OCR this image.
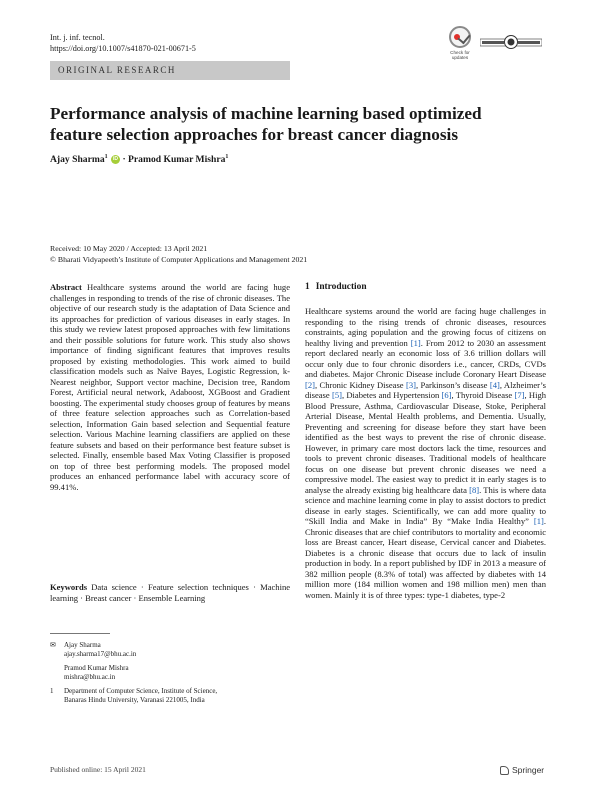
Int. j. inf. tecnol.
https://doi.org/10.1007/s41870-021-00671-5	Check for updates
ORIGINAL RESEARCH
Performance analysis of machine learning based optimized
feature selection approaches for breast cancer diagnosis
Ajay Sharma$^1$ iD · Pramod Kumar Mishra$^1$
Received: 10 May 2020 / Accepted: 13 April 2021
© Bharati Vidyapeeth’s Institute of Computer Applications and Management 2021
Abstract Healthcare systems around the world are facing huge challenges in responding to trends of the rise of chronic diseases. The objective of our research study is the adaptation of Data Science and its approaches for prediction of various diseases in early stages. In this study we review latest proposed approaches with few limitations and their possible solutions for future work. This study also shows importance of finding significant features that improves results proposed by existing methodologies. This work aimed to build classification models such as Naïve Bayes, Logistic Regression, k-Nearest neighbor, Support vector machine, Decision tree, Random Forest, Artificial neural network, Adaboost, XGBoost and Gradient boosting. The experimental study chooses group of features by means of three feature selection approaches such as Correlation-based selection, Information Gain based selection and Sequential feature selection. Various Machine learning classifiers are applied on these feature subsets and based on their performance best feature subset is selected. Finally, ensemble based Max Voting Classifier is proposed on top of three best performing models. The proposed model produces an enhanced performance label with accuracy score of 99.41%.
Keywords Data science · Feature selection techniques · Machine learning · Breast cancer · Ensemble Learning
✉ Ajay Sharma
ajay.sharma17@bhu.ac.in
Pramod Kumar Mishra
mishra@bhu.ac.in
1 Department of Computer Science, Institute of Science,
Banaras Hindu University, Varanasi 221005, India
1 Introduction
Healthcare systems around the world are facing huge challenges in responding to the rising trends of chronic diseases, resources constraints, aging population and the growing focus of citizens on healthy living and prevention [1]. From 2012 to 2030 an assessment report declared nearly an economic loss of 3.6 trillion dollars will occur only due to four chronic disorders i.e., cancer, CRDs, CVDs and diabetes. Major Chronic Disease include Coronary Heart Disease [2], Chronic Kidney Disease [3], Parkinson’s disease [4], Alzheimer’s disease [5], Diabetes and Hypertension [6], Thyroid Disease [7], High Blood Pressure, Asthma, Cardiovascular Disease, Stoke, Peripheral Arterial Disease, Mental Health problems, and Dementia. Usually, Preventing and screening for disease before they start have been identified as the best ways to prevent the rise of chronic disease. However, in primary care most doctors lack the time, resources and tools to prevent chronic diseases. Traditional models of healthcare focus on one disease but prevent chronic diseases we need a compressive model. The easiest way to predict it in early stages is to analyse the already existing big healthcare data [8]. This is where data science and machine learning come in play to assist doctors to predict disease in early stages. Scientifically, we can add more quality to “Skill India and Make in India” By “Make India Healthy” [1]. Chronic diseases that are chief contributors to mortality and economic loss are Breast cancer, Heart disease, Cervical cancer and Diabetes. Diabetes is a chronic disease that occurs due to lack of insulin production in body. In a report published by IDF in 2013 a measure of 382 million people (8.3% of total) was affected by diabetes with 14 million more (184 million women and 198 million men) men than women. Mainly it is of three types: type-1 diabetes, type-2
Published online: 15 April 2021	Springer
